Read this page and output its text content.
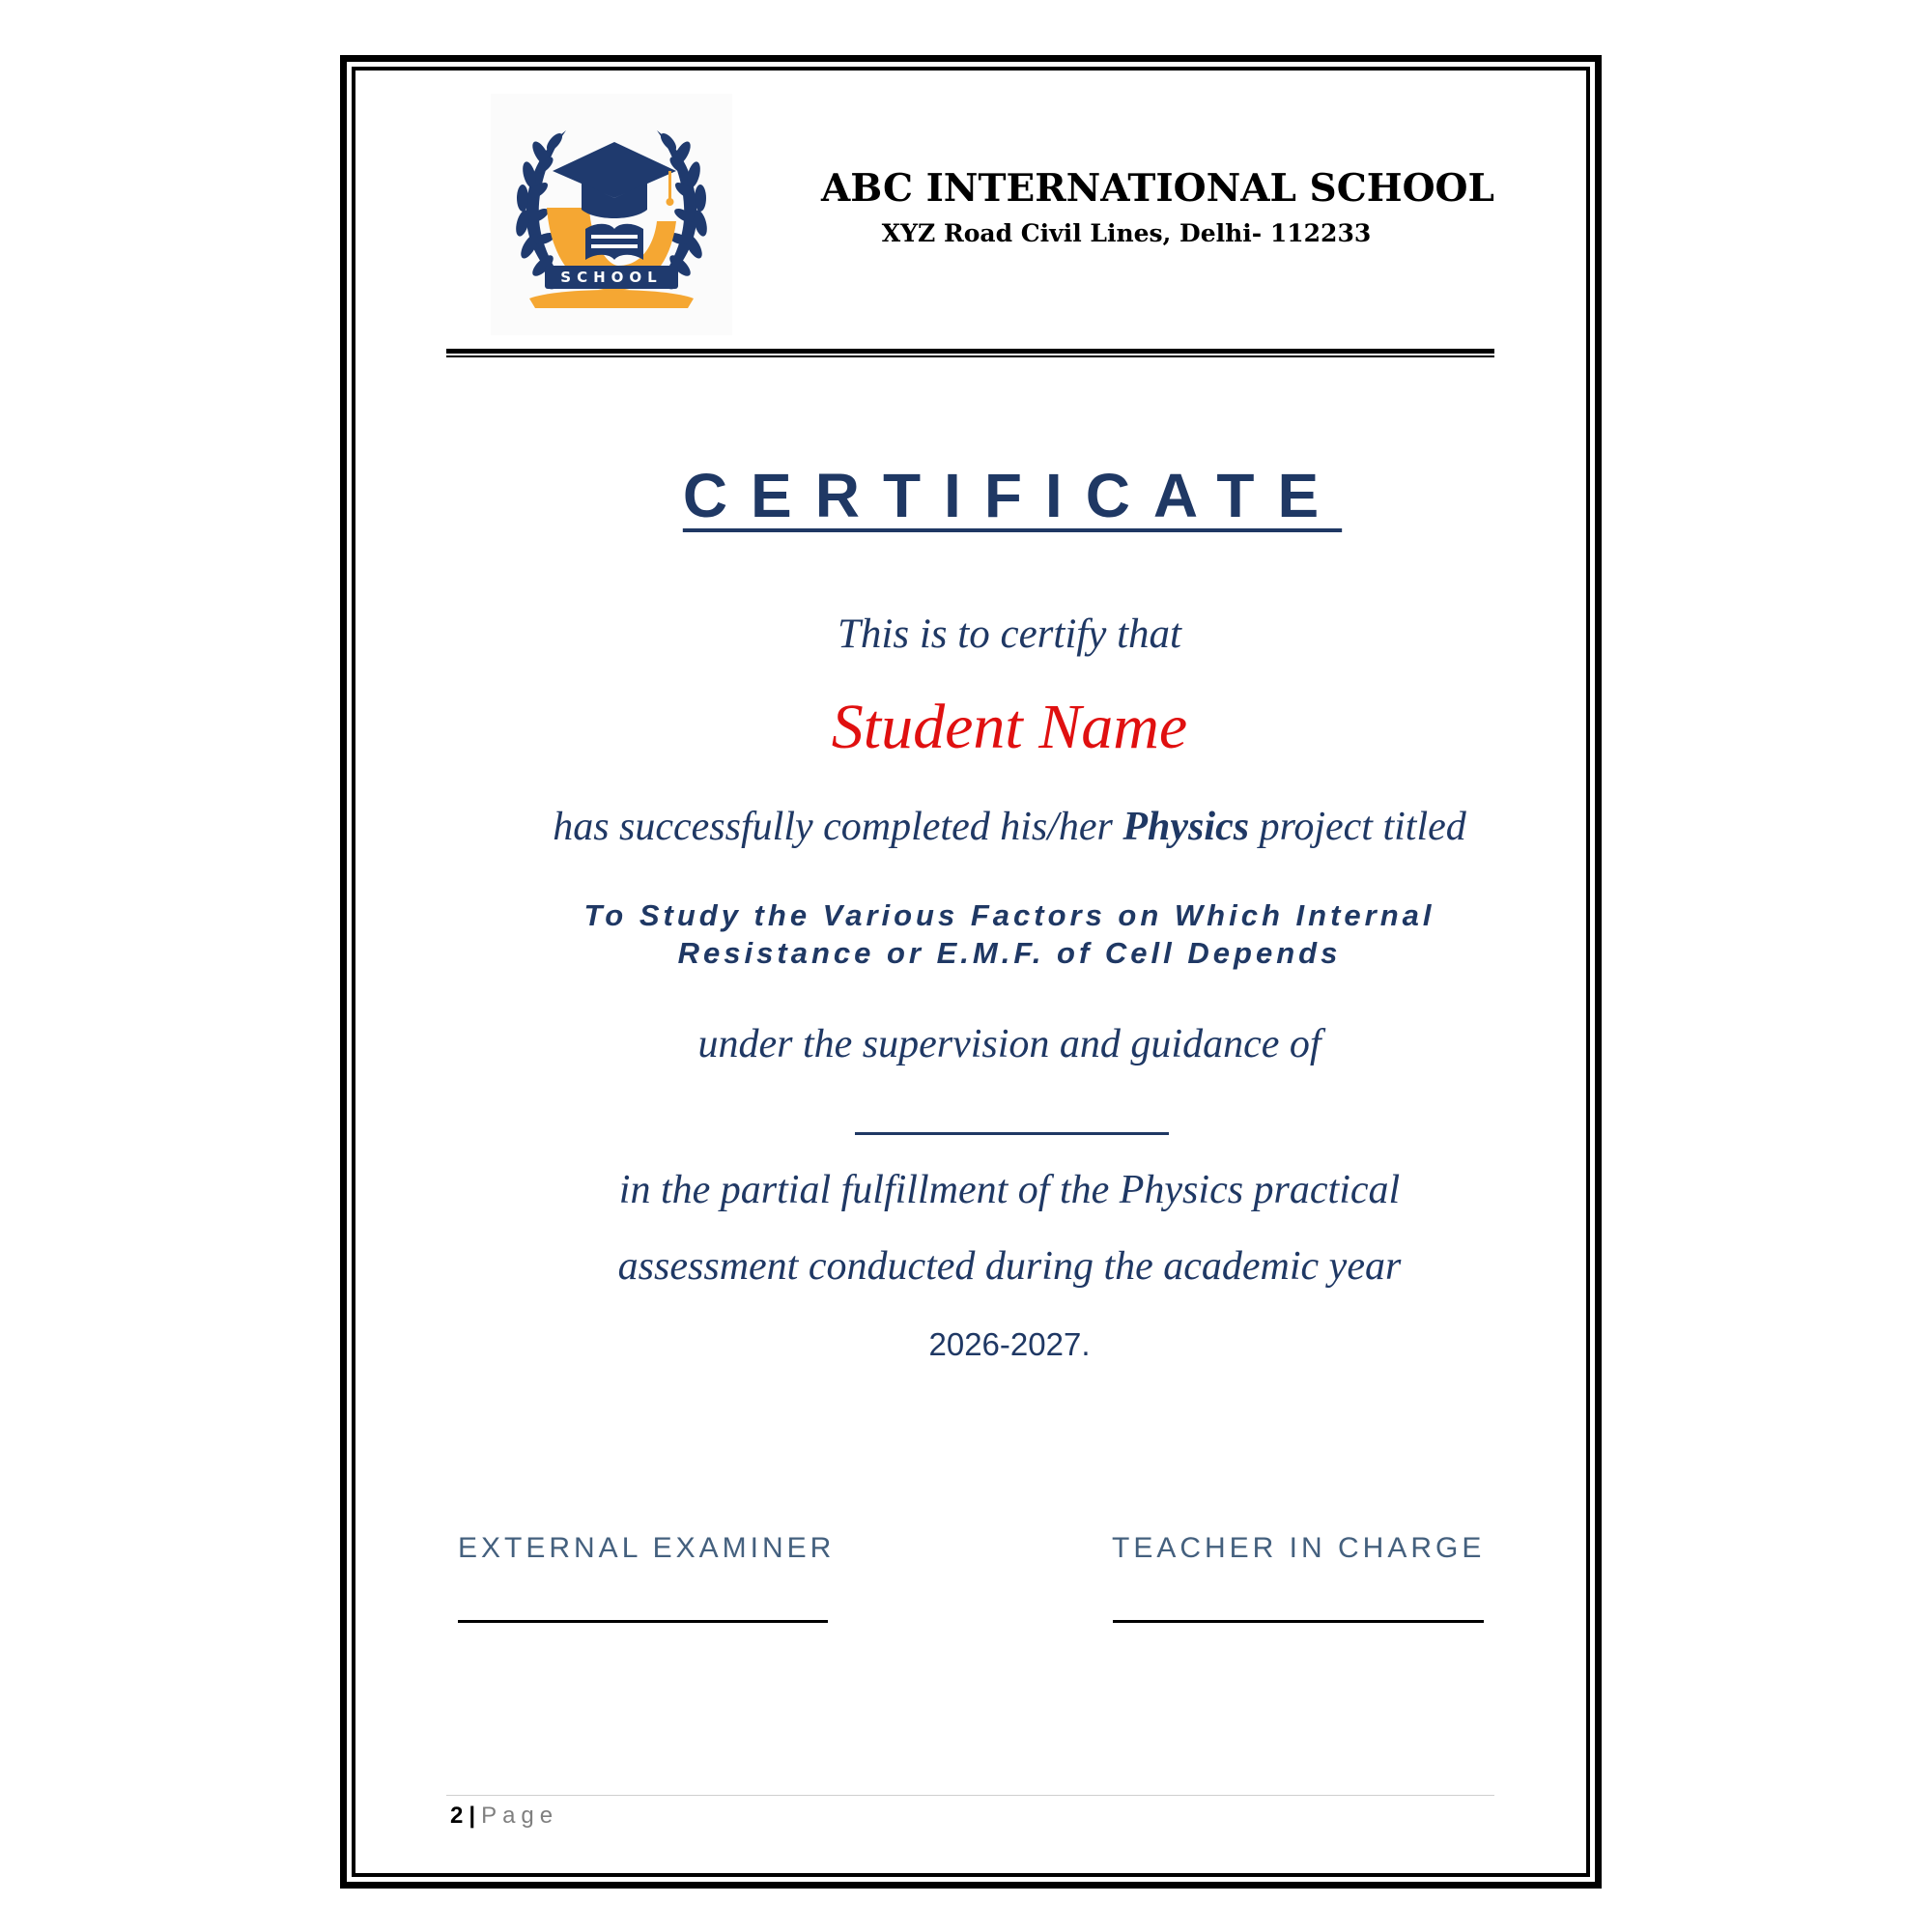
SCHOOL
ABC INTERNATIONAL SCHOOL
XYZ Road Civil Lines, Delhi- 112233
CERTIFICATE
This is to certify that
Student Name
has successfully completed his/her Physics project titled
To Study the Various Factors on Which Internal
Resistance or E.M.F. of Cell Depends
under the supervision and guidance of
in the partial fulfillment of the Physics practical
assessment conducted during the academic year
2026-2027.
EXTERNAL EXAMINER	TEACHER IN CHARGE
2 | Page
